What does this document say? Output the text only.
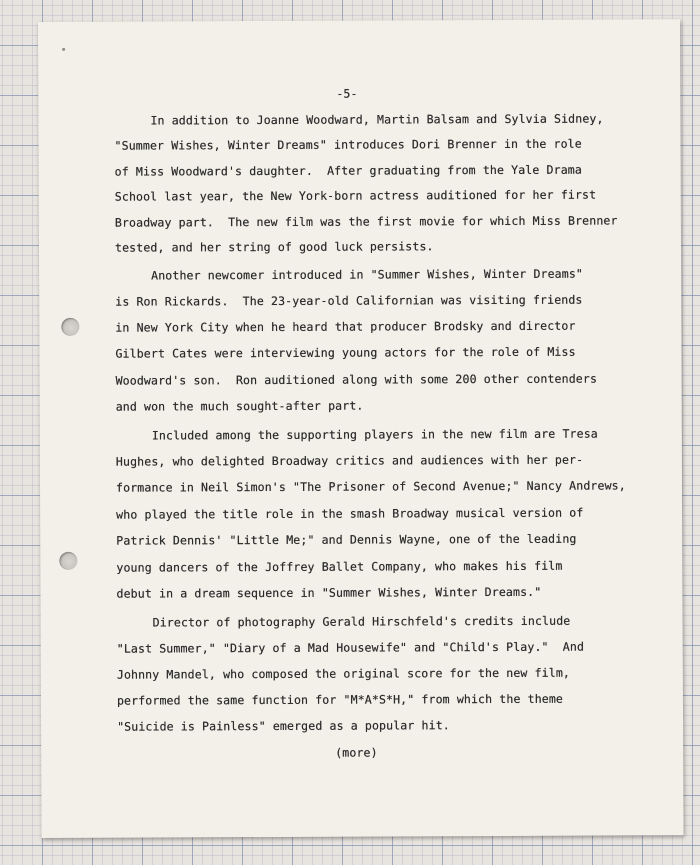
-5-
In addition to Joanne Woodward, Martin Balsam and Sylvia Sidney,
"Summer Wishes, Winter Dreams" introduces Dori Brenner in the role
of Miss Woodward's daughter.  After graduating from the Yale Drama
School last year, the New York-born actress auditioned for her first
Broadway part.  The new film was the first movie for which Miss Brenner
tested, and her string of good luck persists.
Another newcomer introduced in "Summer Wishes, Winter Dreams"
is Ron Rickards.  The 23-year-old Californian was visiting friends
in New York City when he heard that producer Brodsky and director
Gilbert Cates were interviewing young actors for the role of Miss
Woodward's son.  Ron auditioned along with some 200 other contenders
and won the much sought-after part.
Included among the supporting players in the new film are Tresa
Hughes, who delighted Broadway critics and audiences with her per-
formance in Neil Simon's "The Prisoner of Second Avenue;" Nancy Andrews,
who played the title role in the smash Broadway musical version of
Patrick Dennis' "Little Me;" and Dennis Wayne, one of the leading
young dancers of the Joffrey Ballet Company, who makes his film
debut in a dream sequence in "Summer Wishes, Winter Dreams."
Director of photography Gerald Hirschfeld's credits include
"Last Summer," "Diary of a Mad Housewife" and "Child's Play."  And
Johnny Mandel, who composed the original score for the new film,
performed the same function for "M*A*S*H," from which the theme
"Suicide is Painless" emerged as a popular hit.
(more)
